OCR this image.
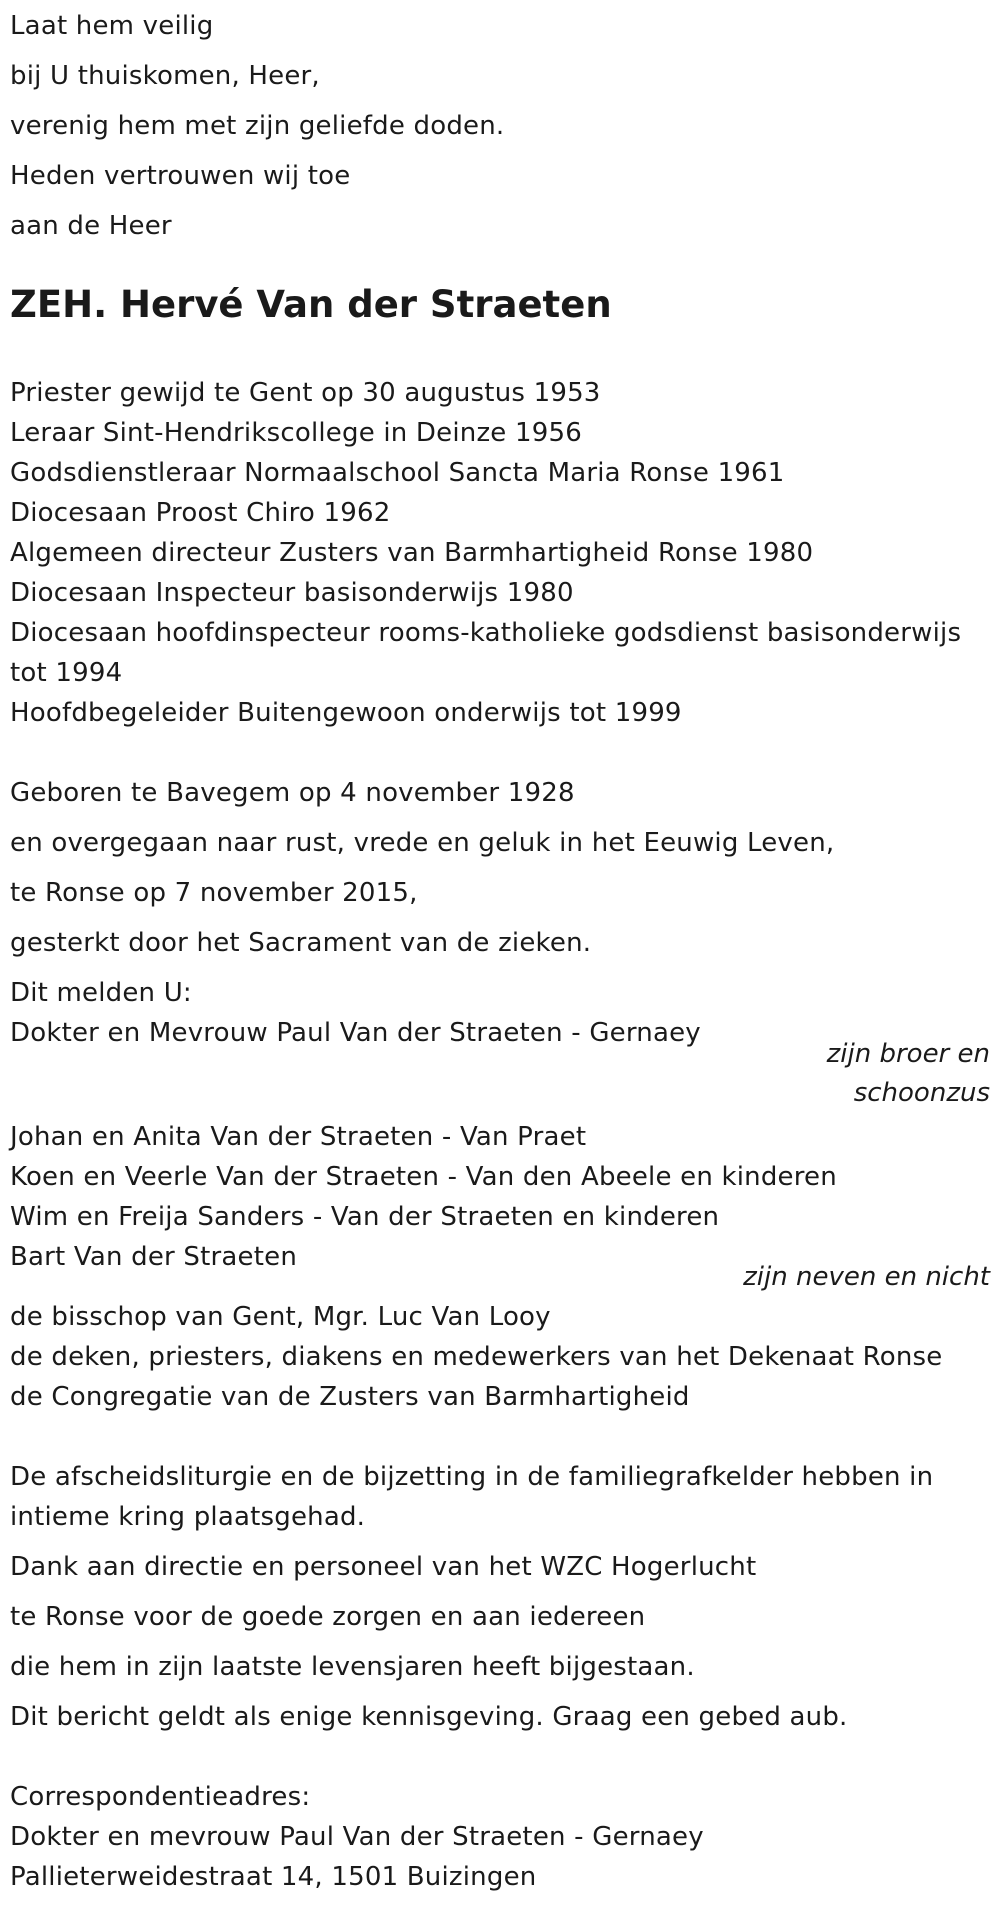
Laat hem veilig
bij U thuiskomen, Heer,
verenig hem met zijn geliefde doden.
Heden vertrouwen wij toe
aan de Heer
ZEH. Hervé Van der Straeten
Priester gewijd te Gent op 30 augustus 1953
Leraar Sint-Hendrikscollege in Deinze 1956
Godsdienstleraar Normaalschool Sancta Maria Ronse 1961
Diocesaan Proost Chiro 1962
Algemeen directeur Zusters van Barmhartigheid Ronse 1980
Diocesaan Inspecteur basisonderwijs 1980
Diocesaan hoofdinspecteur rooms-katholieke godsdienst basisonderwijs
tot 1994
Hoofdbegeleider Buitengewoon onderwijs tot 1999
Geboren te Bavegem op 4 november 1928
en overgegaan naar rust, vrede en geluk in het Eeuwig Leven,
te Ronse op 7 november 2015,
gesterkt door het Sacrament van de zieken.
Dit melden U:
Dokter en Mevrouw Paul Van der Straeten - Gernaey
zijn broer en
schoonzus
Johan en Anita Van der Straeten - Van Praet
Koen en Veerle Van der Straeten - Van den Abeele en kinderen
Wim en Freija Sanders - Van der Straeten en kinderen
Bart Van der Straeten
zijn neven en nicht
de bisschop van Gent, Mgr. Luc Van Looy
de deken, priesters, diakens en medewerkers van het Dekenaat Ronse
de Congregatie van de Zusters van Barmhartigheid
De afscheidsliturgie en de bijzetting in de familiegrafkelder hebben in
intieme kring plaatsgehad.
Dank aan directie en personeel van het WZC Hogerlucht
te Ronse voor de goede zorgen en aan iedereen
die hem in zijn laatste levensjaren heeft bijgestaan.
Dit bericht geldt als enige kennisgeving. Graag een gebed aub.
Correspondentieadres:
Dokter en mevrouw Paul Van der Straeten - Gernaey
Pallieterweidestraat 14, 1501 Buizingen
